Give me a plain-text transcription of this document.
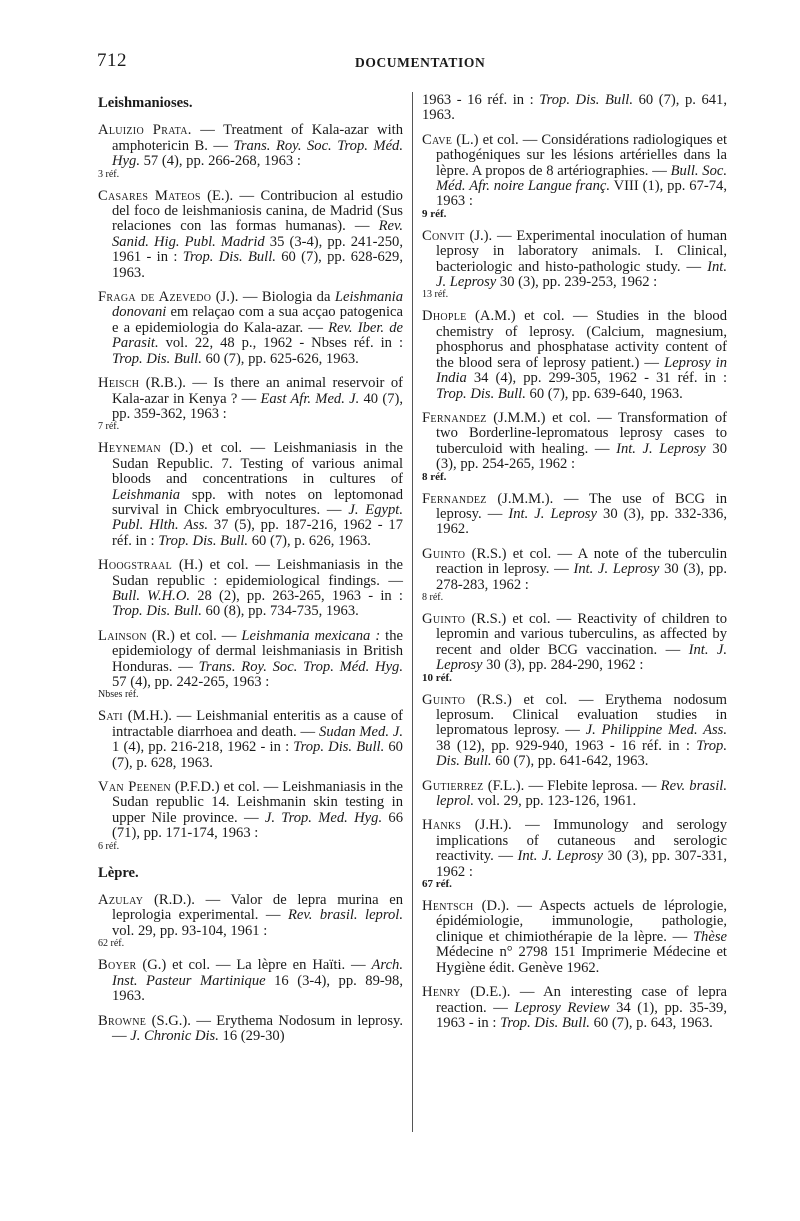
712	DOCUMENTATION
Leishmanioses.
Aluizio Prata. — Treatment of Kala-azar with amphotericin B. — Trans. Roy. Soc. Trop. Méd. Hyg. 57 (4), pp. 266-268, 1963 :
3 réf.
Casares Mateos (E.). — Contribucion al estudio del foco de leishmaniosis canina, de Madrid (Sus relaciones con las formas humanas). — Rev. Sanid. Hig. Publ. Madrid 35 (3-4), pp. 241-250, 1961 - in : Trop. Dis. Bull. 60 (7), pp. 628-629, 1963.
Fraga de Azevedo (J.). — Biologia da Leishmania donovani em relaçao com a sua acçao patogenica e a epidemiologia do Kala-azar. — Rev. Iber. de Parasit. vol. 22, 48 p., 1962 - Nbses réf. in : Trop. Dis. Bull. 60 (7), pp. 625-626, 1963.
Heisch (R.B.). — Is there an animal reservoir of Kala-azar in Kenya ? — East Afr. Med. J. 40 (7), pp. 359-362, 1963 :
7 réf.
Heyneman (D.) et col. — Leishmaniasis in the Sudan Republic. 7. Testing of various animal bloods and concentrations in cultures of Leishmania spp. with notes on leptomonad survival in Chick embryocultures. — J. Egypt. Publ. Hlth. Ass. 37 (5), pp. 187-216, 1962 - 17 réf. in : Trop. Dis. Bull. 60 (7), p. 626, 1963.
Hoogstraal (H.) et col. — Leishmaniasis in the Sudan republic : epidemiological findings. — Bull. W.H.O. 28 (2), pp. 263-265, 1963 - in : Trop. Dis. Bull. 60 (8), pp. 734-735, 1963.
Lainson (R.) et col. — Leishmania mexicana : the epidemiology of dermal leishmaniasis in British Honduras. — Trans. Roy. Soc. Trop. Méd. Hyg. 57 (4), pp. 242-265, 1963 :
Nbses réf.
Sati (M.H.). — Leishmanial enteritis as a cause of intractable diarrhoea and death. — Sudan Med. J. 1 (4), pp. 216-218, 1962 - in : Trop. Dis. Bull. 60 (7), p. 628, 1963.
Van Peenen (P.F.D.) et col. — Leishmaniasis in the Sudan republic 14. Leishmanin skin testing in upper Nile province. — J. Trop. Med. Hyg. 66 (71), pp. 171-174, 1963 :
6 réf.
Lèpre.
Azulay (R.D.). — Valor de lepra murina en leprologia experimental. — Rev. brasil. leprol. vol. 29, pp. 93-104, 1961 :
62 réf.
Boyer (G.) et col. — La lèpre en Haïti. — Arch. Inst. Pasteur Martinique 16 (3-4), pp. 89-98, 1963.
Browne (S.G.). — Erythema Nodosum in leprosy. — J. Chronic Dis. 16 (29-30)
1963 - 16 réf. in : Trop. Dis. Bull. 60 (7), p. 641, 1963.
Cave (L.) et col. — Considérations radiologiques et pathogéniques sur les lésions artérielles dans la lèpre. A propos de 8 artériographies. — Bull. Soc. Méd. Afr. noire Langue franç. VIII (1), pp. 67-74, 1963 :
9 réf.
Convit (J.). — Experimental inoculation of human leprosy in laboratory animals. I. Clinical, bacteriologic and histo-pathologic study. — Int. J. Leprosy 30 (3), pp. 239-253, 1962 :
13 réf.
Dhople (A.M.) et col. — Studies in the blood chemistry of leprosy. (Calcium, magnesium, phosphorus and phosphatase activity content of the blood sera of leprosy patient.) — Leprosy in India 34 (4), pp. 299-305, 1962 - 31 réf. in : Trop. Dis. Bull. 60 (7), pp. 639-640, 1963.
Fernandez (J.M.M.) et col. — Transformation of two Borderline-lepromatous leprosy cases to tuberculoid with healing. — Int. J. Leprosy 30 (3), pp. 254-265, 1962 :
8 réf.
Fernandez (J.M.M.). — The use of BCG in leprosy. — Int. J. Leprosy 30 (3), pp. 332-336, 1962.
Guinto (R.S.) et col. — A note of the tuberculin reaction in leprosy. — Int. J. Leprosy 30 (3), pp. 278-283, 1962 :
8 réf.
Guinto (R.S.) et col. — Reactivity of children to lepromin and various tuberculins, as affected by recent and older BCG vaccination. — Int. J. Leprosy 30 (3), pp. 284-290, 1962 :
10 réf.
Guinto (R.S.) et col. — Erythema nodosum leprosum. Clinical evaluation studies in lepromatous leprosy. — J. Philippine Med. Ass. 38 (12), pp. 929-940, 1963 - 16 réf. in : Trop. Dis. Bull. 60 (7), pp. 641-642, 1963.
Gutierrez (F.L.). — Flebite leprosa. — Rev. brasil. leprol. vol. 29, pp. 123-126, 1961.
Hanks (J.H.). — Immunology and serology implications of cutaneous and serologic reactivity. — Int. J. Leprosy 30 (3), pp. 307-331, 1962 :
67 réf.
Hentsch (D.). — Aspects actuels de léprologie, épidémiologie, immunologie, pathologie, clinique et chimiothérapie de la lèpre. — Thèse Médecine n° 2798 151 Imprimerie Médecine et Hygiène édit. Genève 1962.
Henry (D.E.). — An interesting case of lepra reaction. — Leprosy Review 34 (1), pp. 35-39, 1963 - in : Trop. Dis. Bull. 60 (7), p. 643, 1963.
